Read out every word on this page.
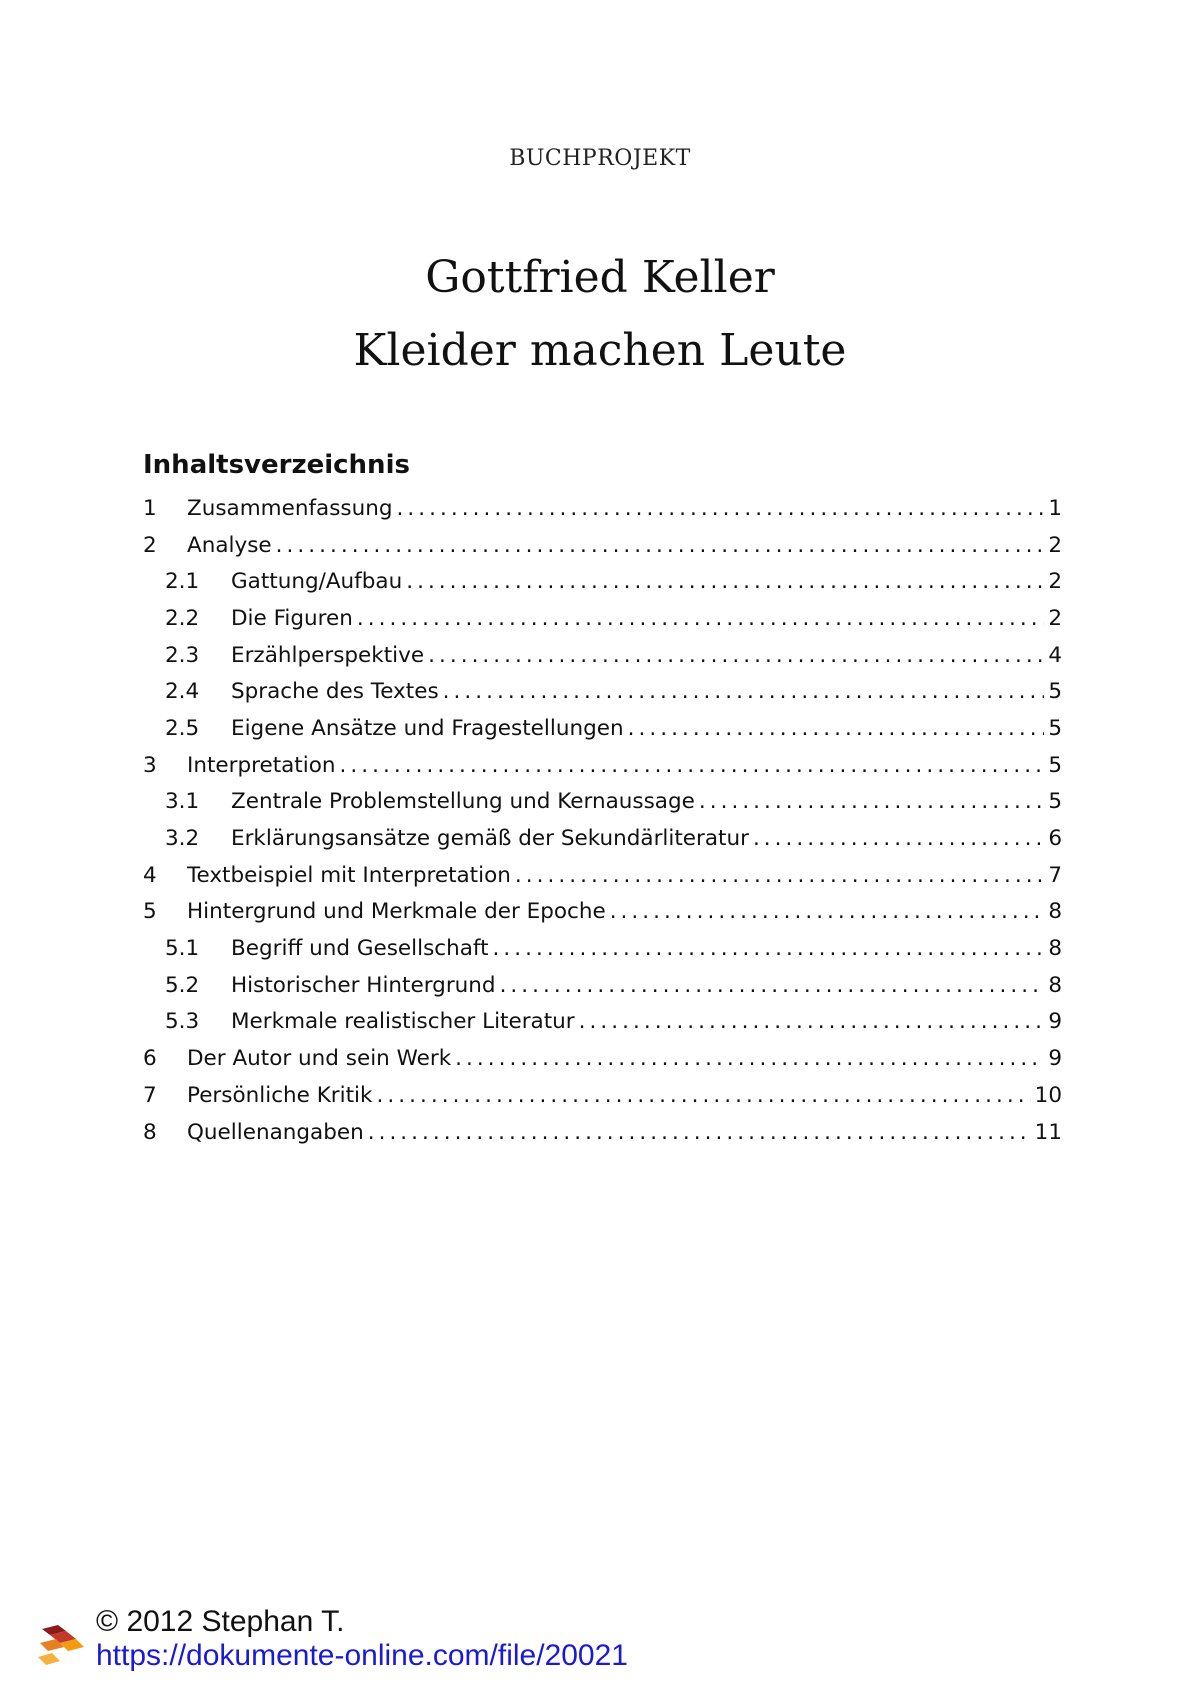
BUCHPROJEKT
Gottfried Keller
Kleider machen Leute
Inhaltsverzeichnis
1	Zusammenfassung . . .	1
2	Analyse . . .	2
2.1	Gattung/Aufbau . . .	2
2.2	Die Figuren . . .	2
2.3	Erzählperspektive . . .	4
2.4	Sprache des Textes . . .	5
2.5	Eigene Ansätze und Fragestellungen . . .	5
3	Interpretation . . .	5
3.1	Zentrale Problemstellung und Kernaussage . . .	5
3.2	Erklärungsansätze gemäß der Sekundärliteratur . . .	6
4	Textbeispiel mit Interpretation . . .	7
5	Hintergrund und Merkmale der Epoche . . .	8
5.1	Begriff und Gesellschaft . . .	8
5.2	Historischer Hintergrund . . .	8
5.3	Merkmale realistischer Literatur . . .	9
6	Der Autor und sein Werk . . .	9
7	Persönliche Kritik . . .	10
8	Quellenangaben . . .	11
© 2012 Stephan T.
https://dokumente-online.com/file/20021
